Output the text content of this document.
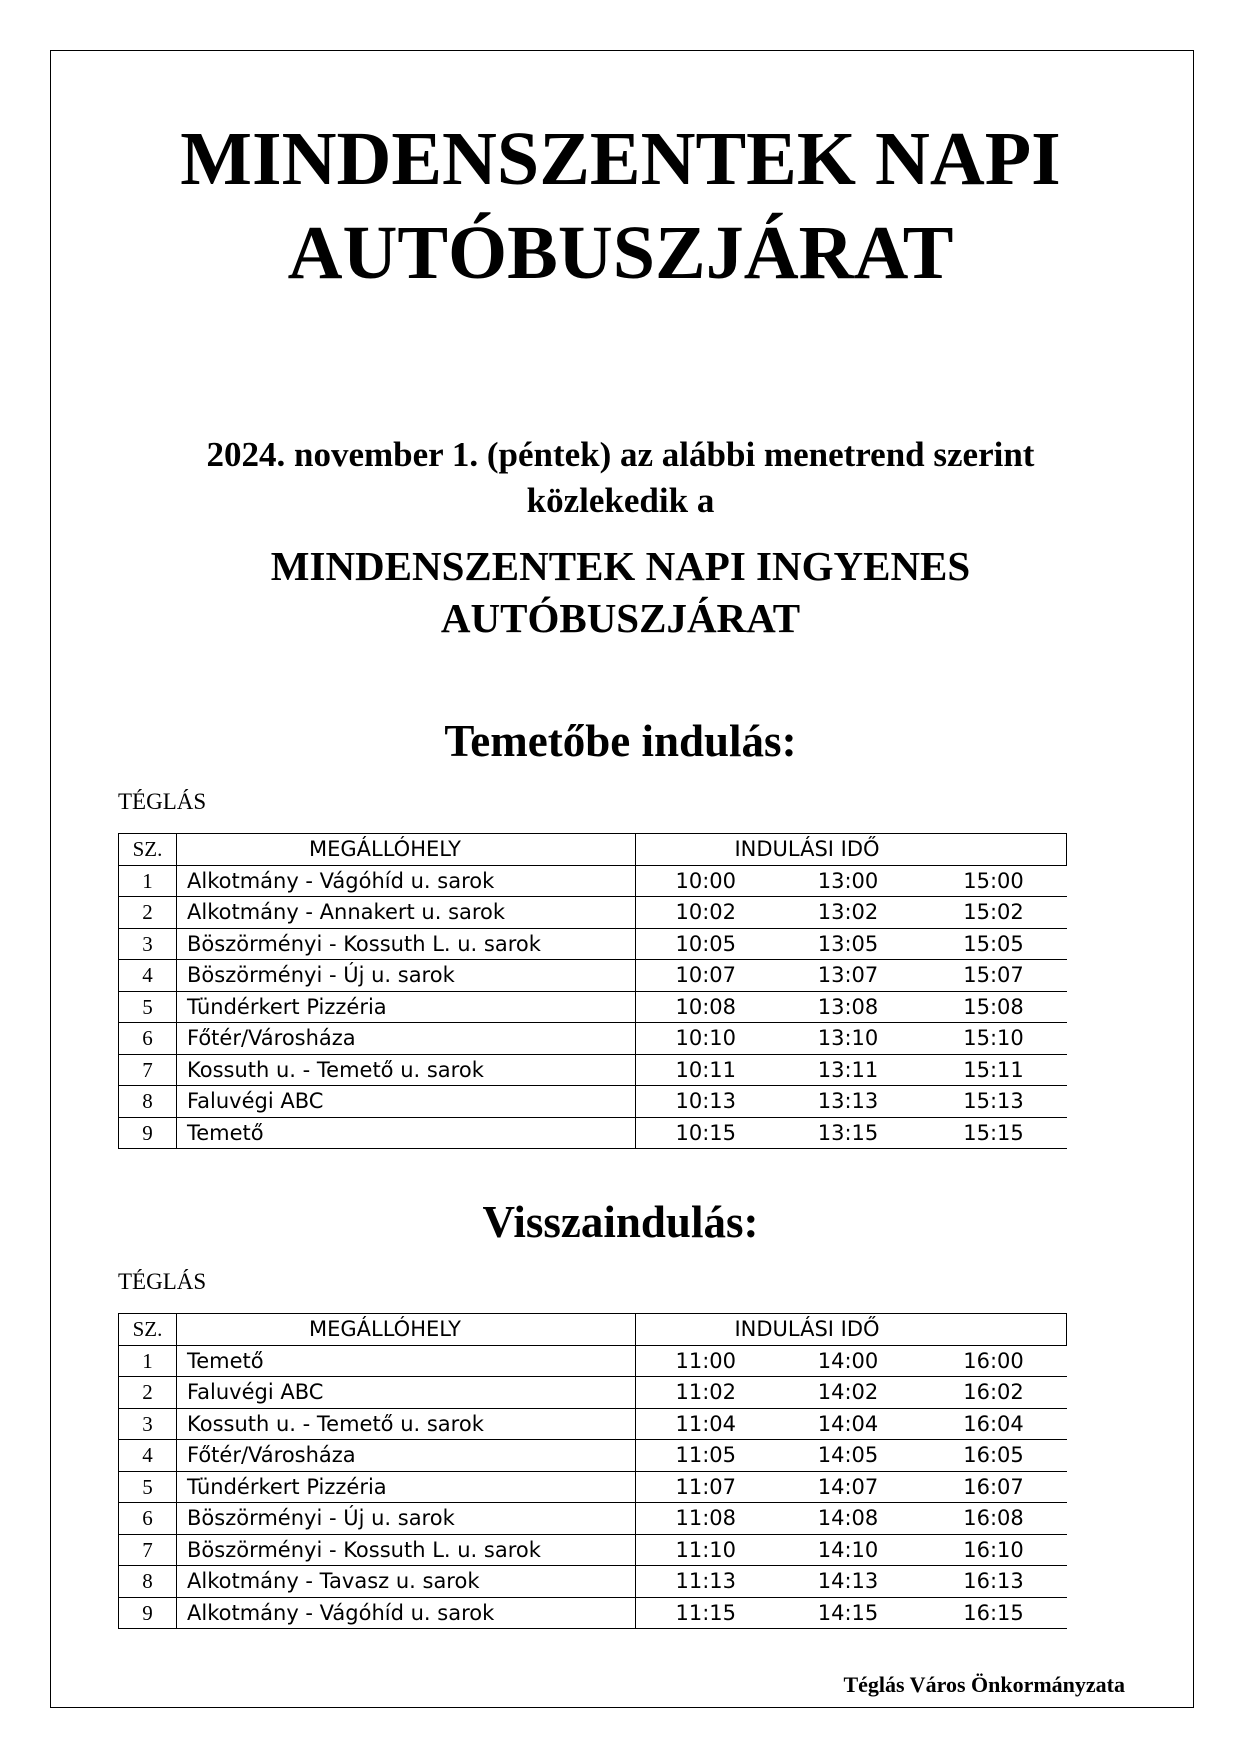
MINDENSZENTEK NAPI
AUTÓBUSZJÁRAT

2024. november 1. (péntek) az alábbi menetrend szerint
közlekedik a

MINDENSZENTEK NAPI INGYENES
AUTÓBUSZJÁRAT
Temetőbe indulás:

TÉGLÁS

SZ.	MEGÁLLÓHELY	INDULÁSI IDŐ		
1	Alkotmány - Vágóhíd u. sarok	10:00	13:00	15:00
2	Alkotmány - Annakert u. sarok	10:02	13:02	15:02
3	Böszörményi - Kossuth L. u. sarok	10:05	13:05	15:05
4	Böszörményi - Új u. sarok	10:07	13:07	15:07
5	Tündérkert Pizzéria	10:08	13:08	15:08
6	Főtér/Városháza	10:10	13:10	15:10
7	Kossuth u. - Temető u. sarok	10:11	13:11	15:11
8	Faluvégi ABC	10:13	13:13	15:13
9	Temető	10:15	13:15	15:15
Visszaindulás:

TÉGLÁS

SZ.	MEGÁLLÓHELY	INDULÁSI IDŐ		
1	Temető	11:00	14:00	16:00
2	Faluvégi ABC	11:02	14:02	16:02
3	Kossuth u. - Temető u. sarok	11:04	14:04	16:04
4	Főtér/Városháza	11:05	14:05	16:05
5	Tündérkert Pizzéria	11:07	14:07	16:07
6	Böszörményi - Új u. sarok	11:08	14:08	16:08
7	Böszörményi - Kossuth L. u. sarok	11:10	14:10	16:10
8	Alkotmány - Tavasz u. sarok	11:13	14:13	16:13
9	Alkotmány - Vágóhíd u. sarok	11:15	14:15	16:15

Téglás Város Önkormányzata
